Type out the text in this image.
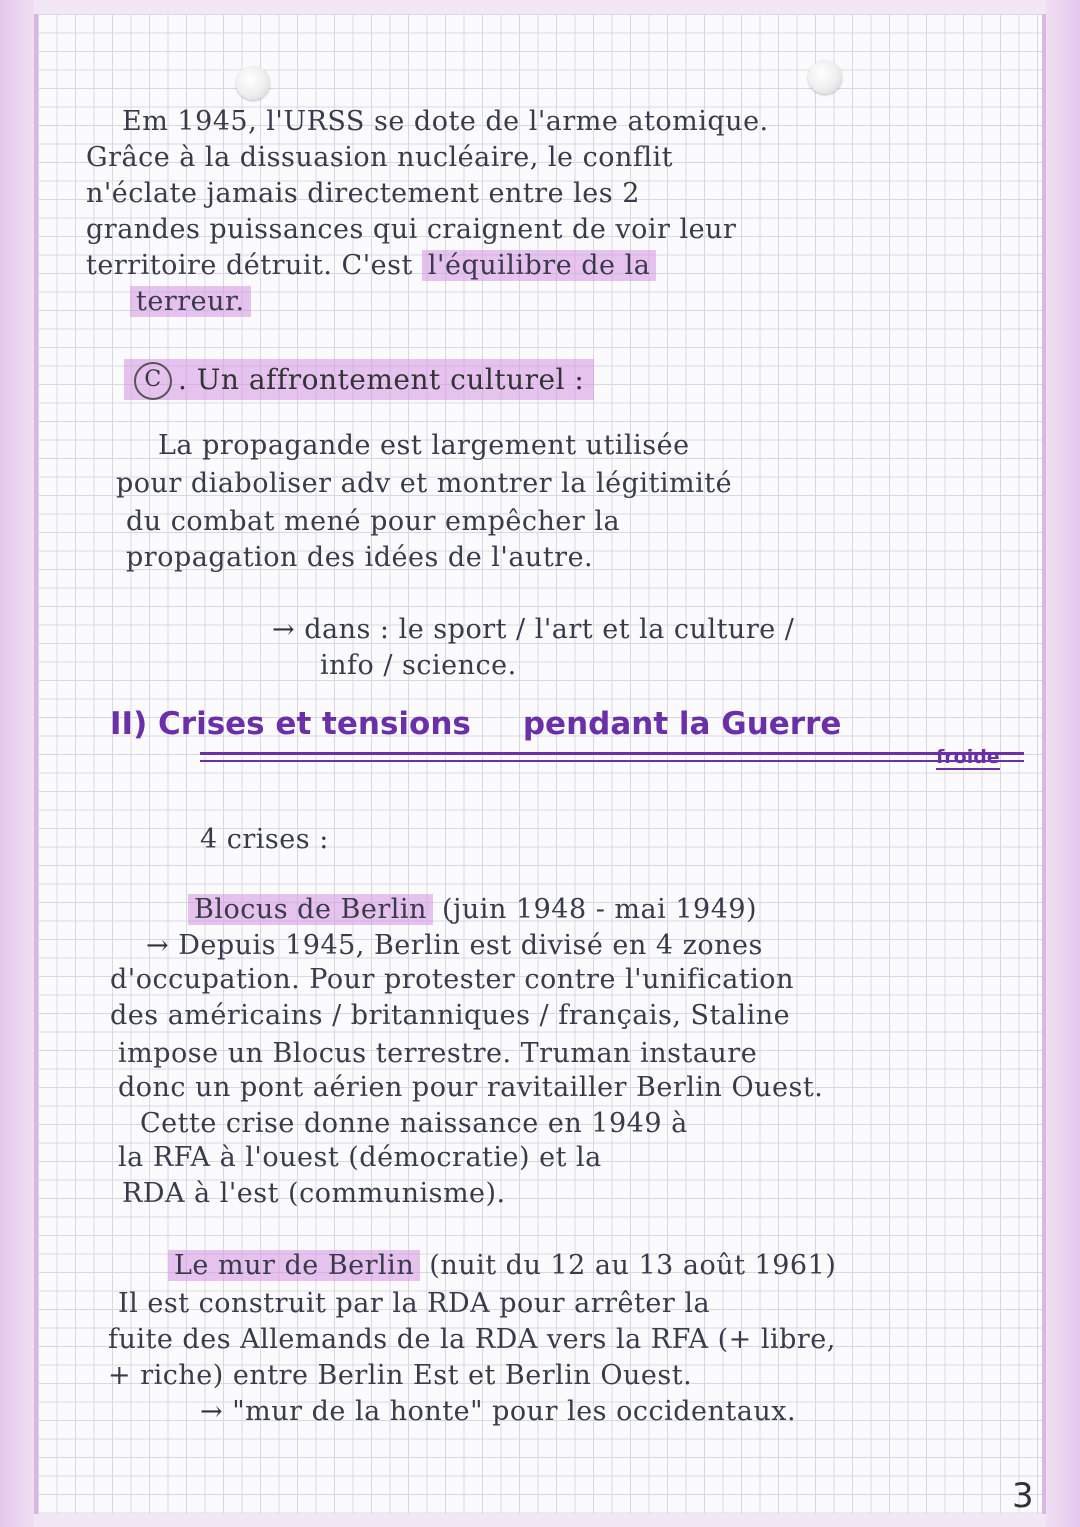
Em 1945, l'URSS se dote de l'arme atomique.
Grâce à la dissuasion nucléaire, le conflit
n'éclate jamais directement entre les 2
grandes puissances qui craignent de voir leur
territoire détruit. C'est l'équilibre de la
terreur.
C . Un affrontement culturel :
La propagande est largement utilisée
pour diaboliser adv et montrer la légitimité
du combat mené pour empêcher la
propagation des idées de l'autre.
→ dans : le sport / l'art et la culture /
info / science.
II) Crises et tensions pendant la Guerre
froide
4 crises :
Blocus de Berlin (juin 1948 - mai 1949)
→ Depuis 1945, Berlin est divisé en 4 zones
d'occupation. Pour protester contre l'unification
des américains / britanniques / français, Staline
impose un Blocus terrestre. Truman instaure
donc un pont aérien pour ravitailler Berlin Ouest.
Cette crise donne naissance en 1949 à
la RFA à l'ouest (démocratie) et la
RDA à l'est (communisme).
Le mur de Berlin (nuit du 12 au 13 août 1961)
Il est construit par la RDA pour arrêter la
fuite des Allemands de la RDA vers la RFA (+ libre,
+ riche) entre Berlin Est et Berlin Ouest.
→ "mur de la honte" pour les occidentaux.
3
